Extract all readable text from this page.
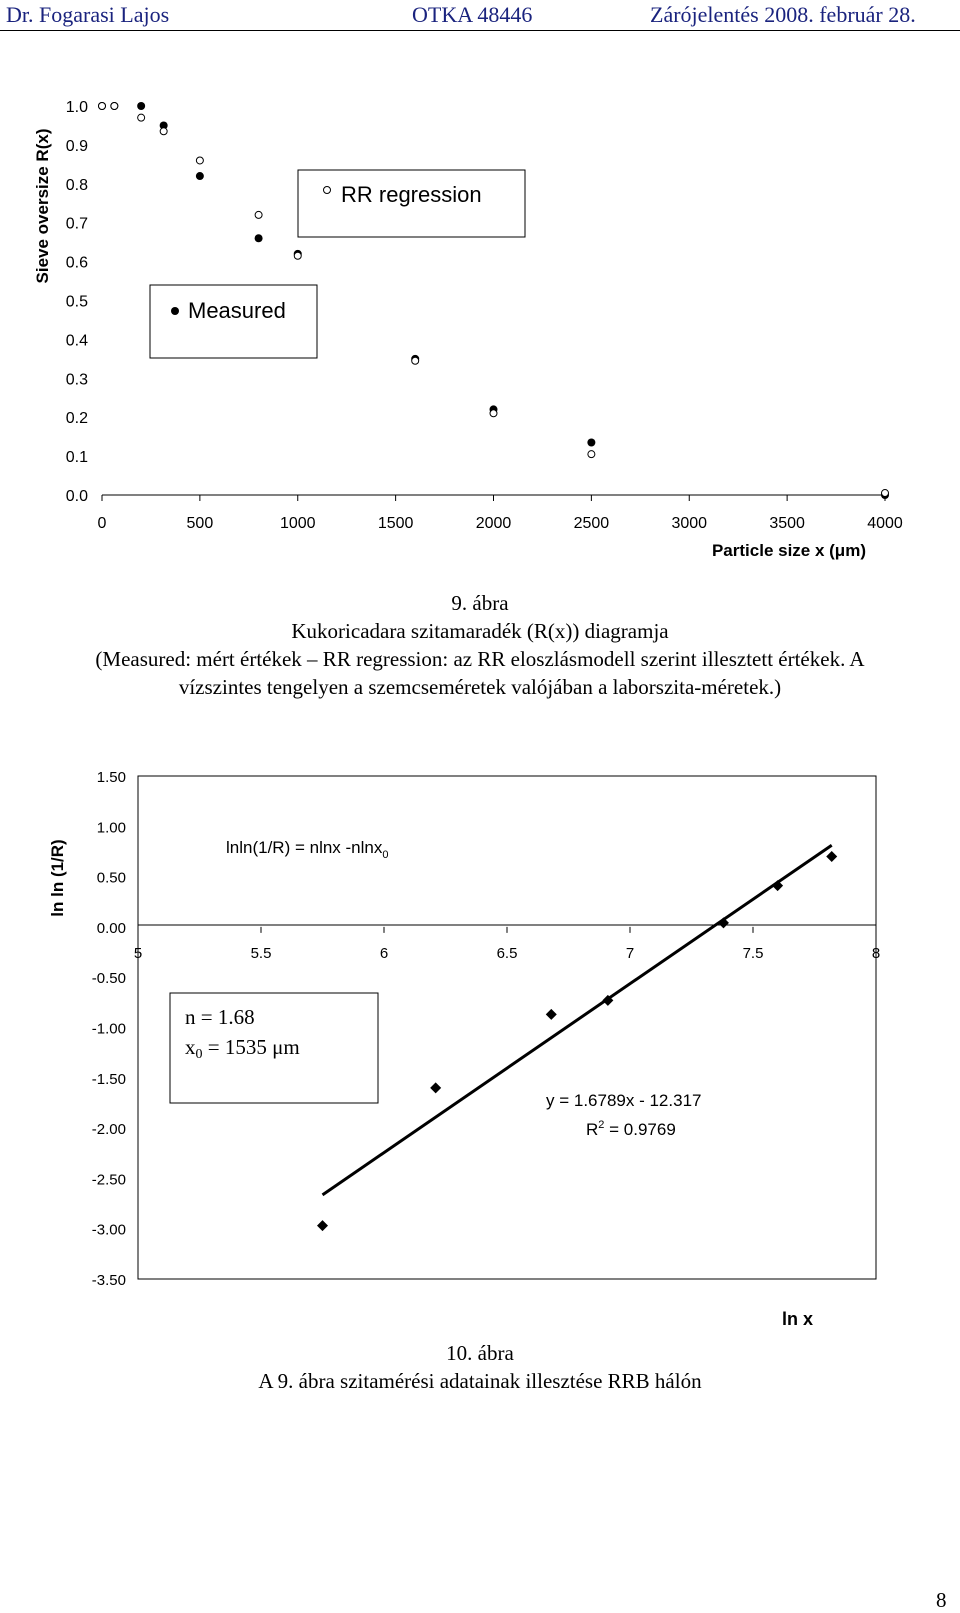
Dr. Fogarasi Lajos	OTKA 48446	Zárójelentés 2008. február 28.
1.0
0.9
0.8
0.7
0.6
0.5
0.4
0.3
0.2
0.1
0.0
0	500	1000	1500	2000	2500	3000	3500	4000
Sieve oversize R(x)
Particle size x (μm)
Measured
RR regression
9. ábra
Kukoricadara szitamaradék (R(x)) diagramja
(Measured: mért értékek – RR regression: az RR eloszlásmodell szerint illesztett értékek. A
vízszintes tengelyen a szemcseméretek valójában a laborszita-méretek.)
1.50
1.00
0.50
0.00
-0.50
-1.00
-1.50
-2.00
-2.50
-3.00
-3.50
5	5.5	6	6.5	7	7.5	8
ln ln (1/R)
ln x
lnln(1/R) = nlnx -nlnx$_0$
n = 1.68
x0 = 1535 μm
y = 1.6789x - 12.317
$R^2 = 0.9769$
10. ábra
A 9. ábra szitamérési adatainak illesztése RRB hálón
8
